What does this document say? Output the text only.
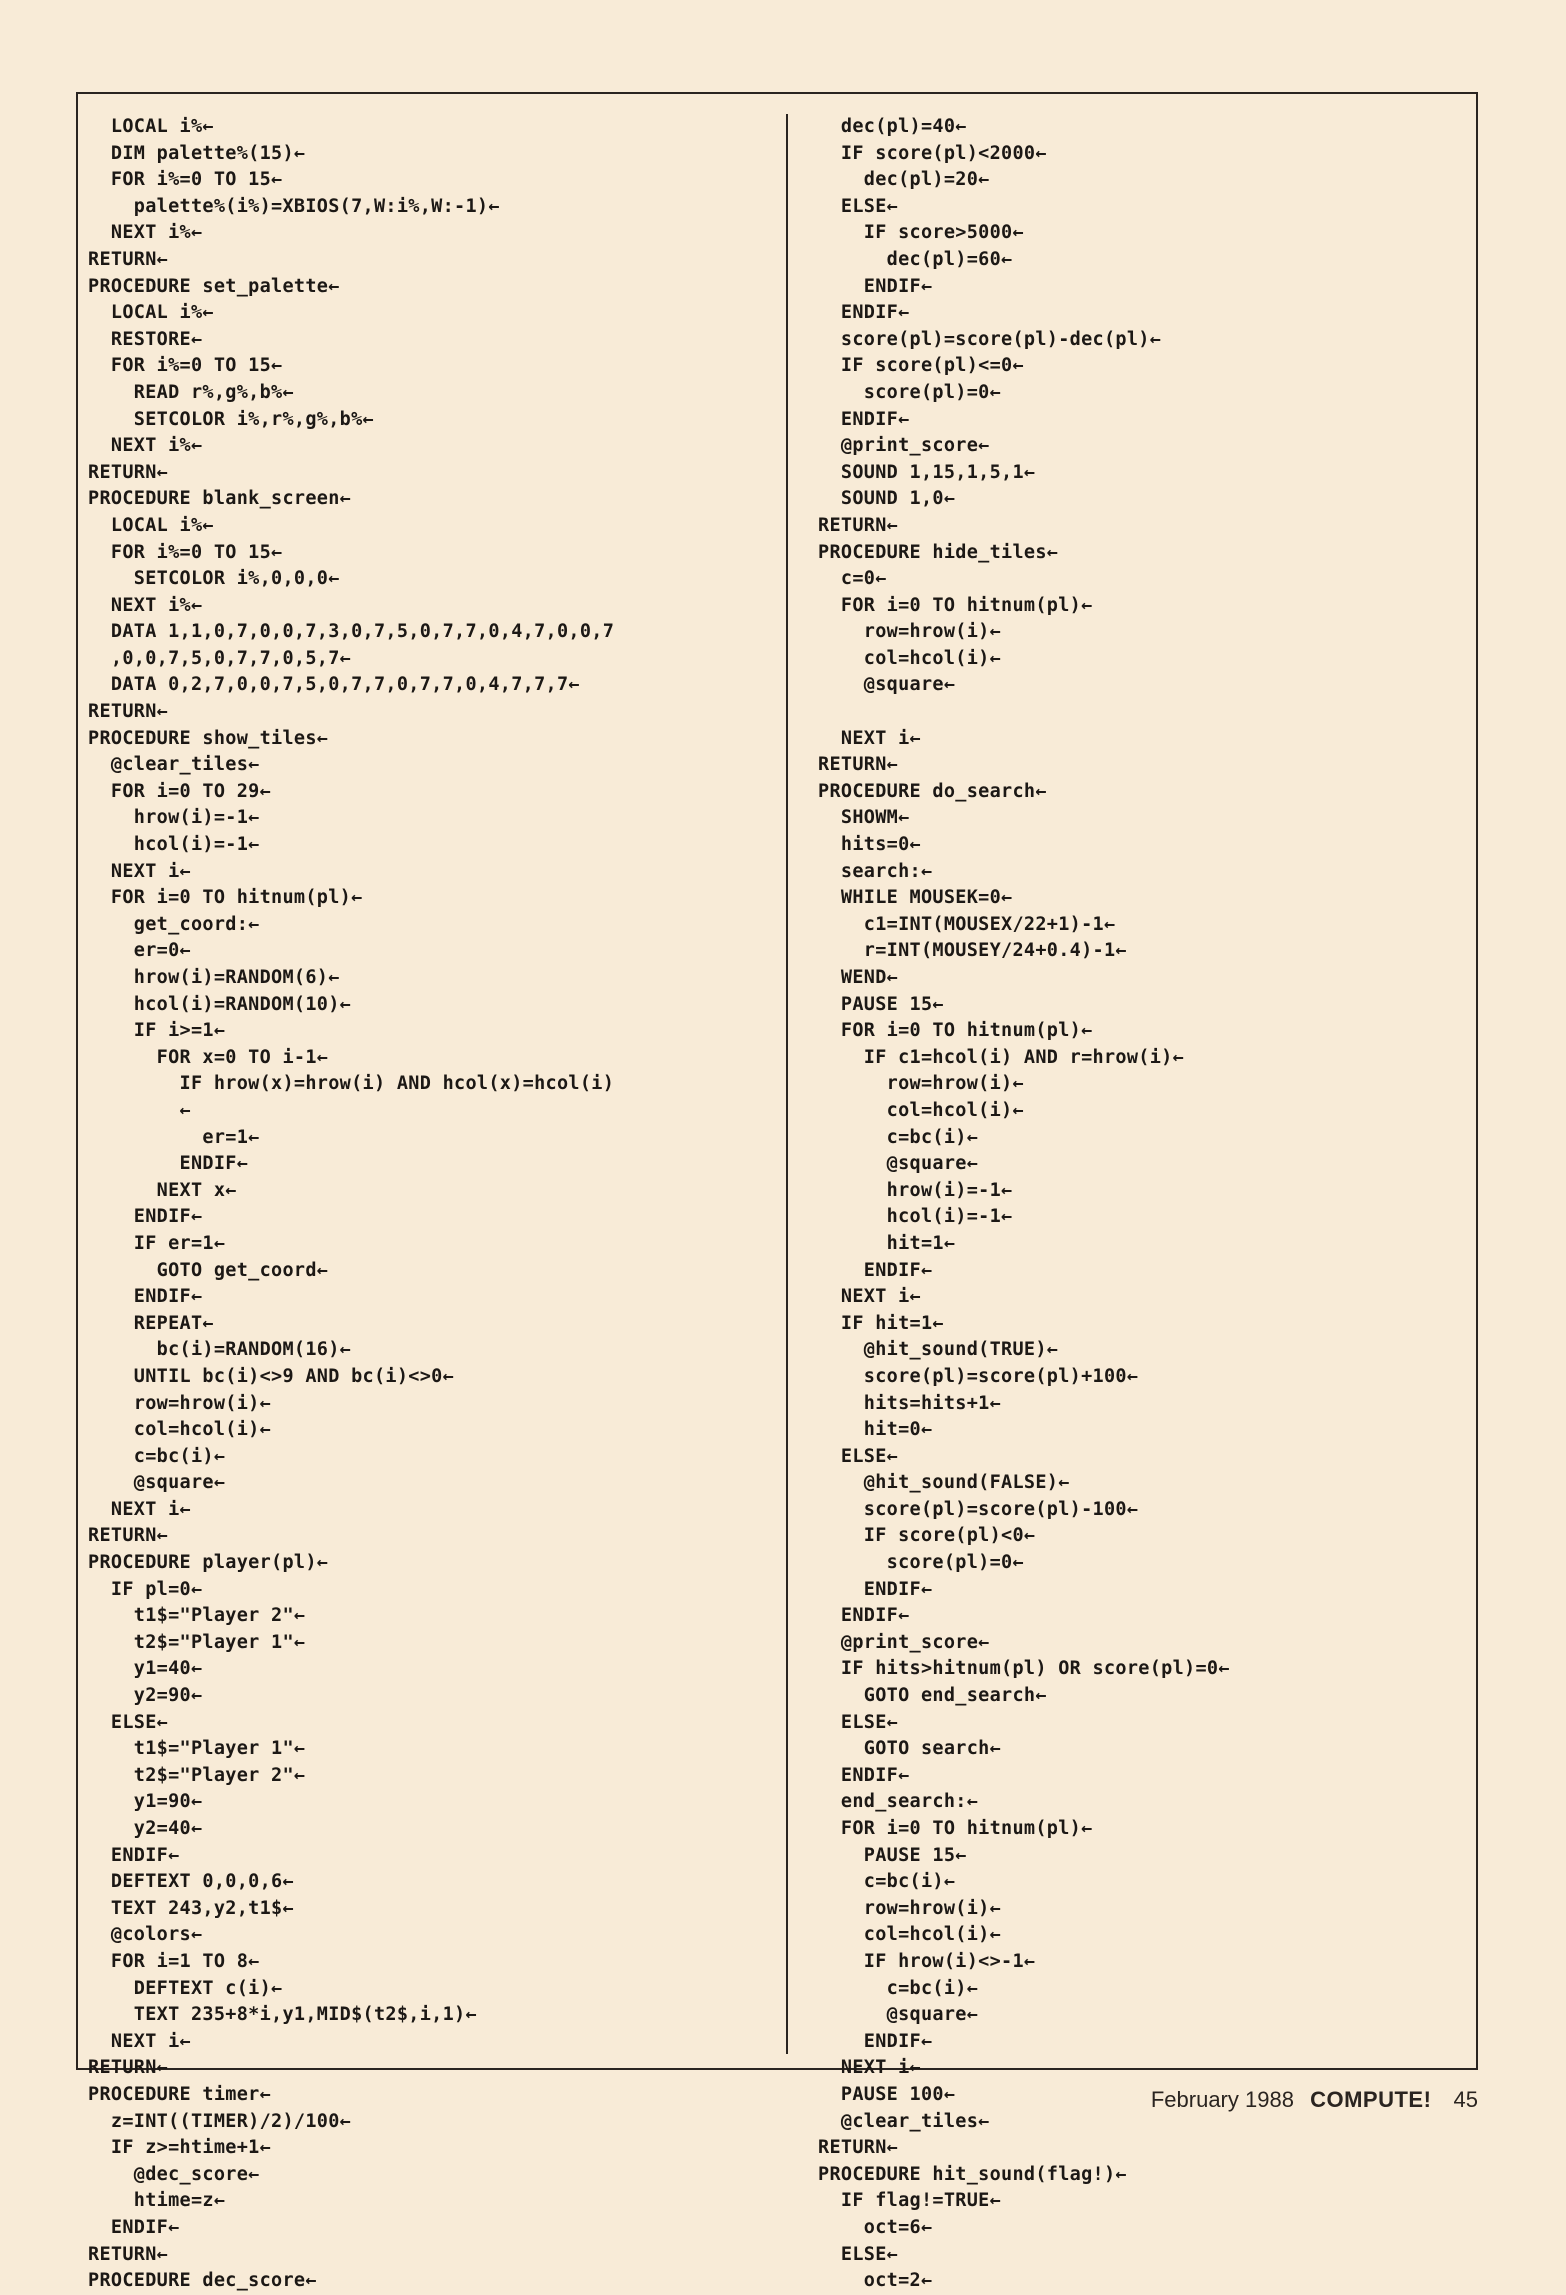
LOCAL i%←
DIM palette%(15)←
FOR i%=0 TO 15←
palette%(i%)=XBIOS(7,W:i%,W:-1)←
NEXT i%←
RETURN←
PROCEDURE set_palette←
LOCAL i%←
RESTORE←
FOR i%=0 TO 15←
READ r%,g%,b%←
SETCOLOR i%,r%,g%,b%←
NEXT i%←
RETURN←
PROCEDURE blank_screen←
LOCAL i%←
FOR i%=0 TO 15←
SETCOLOR i%,0,0,0←
NEXT i%←
DATA 1,1,0,7,0,0,7,3,0,7,5,0,7,7,0,4,7,0,0,7
,0,0,7,5,0,7,7,0,5,7←
DATA 0,2,7,0,0,7,5,0,7,7,0,7,7,0,4,7,7,7←
RETURN←
PROCEDURE show_tiles←
@clear_tiles←
FOR i=0 TO 29←
hrow(i)=-1←
hcol(i)=-1←
NEXT i←
FOR i=0 TO hitnum(pl)←
get_coord:←
er=0←
hrow(i)=RANDOM(6)←
hcol(i)=RANDOM(10)←
IF i>=1←
FOR x=0 TO i-1←
IF hrow(x)=hrow(i) AND hcol(x)=hcol(i)
←
er=1←
ENDIF←
NEXT x←
ENDIF←
IF er=1←
GOTO get_coord←
ENDIF←
REPEAT←
bc(i)=RANDOM(16)←
UNTIL bc(i)<>9 AND bc(i)<>0←
row=hrow(i)←
col=hcol(i)←
c=bc(i)←
@square←
NEXT i←
RETURN←
PROCEDURE player(pl)←
IF pl=0←
t1$="Player 2"←
t2$="Player 1"←
y1=40←
y2=90←
ELSE←
t1$="Player 1"←
t2$="Player 2"←
y1=90←
y2=40←
ENDIF←
DEFTEXT 0,0,0,6←
TEXT 243,y2,t1$←
@colors←
FOR i=1 TO 8←
DEFTEXT c(i)←
TEXT 235+8*i,y1,MID$(t2$,i,1)←
NEXT i←
RETURN←
PROCEDURE timer←
z=INT((TIMER)/2)/100←
IF z>=htime+1←
@dec_score←
htime=z←
ENDIF←
RETURN←
PROCEDURE dec_score←
dec(pl)=40←
IF score(pl)<2000←
dec(pl)=20←
ELSE←
IF score>5000←
dec(pl)=60←
ENDIF←
ENDIF←
score(pl)=score(pl)-dec(pl)←
IF score(pl)<=0←
score(pl)=0←
ENDIF←
@print_score←
SOUND 1,15,1,5,1←
SOUND 1,0←
RETURN←
PROCEDURE hide_tiles←
c=0←
FOR i=0 TO hitnum(pl)←
row=hrow(i)←
col=hcol(i)←
@square←
NEXT i←
RETURN←
PROCEDURE do_search←
SHOWM←
hits=0←
search:←
WHILE MOUSEK=0←
c1=INT(MOUSEX/22+1)-1←
r=INT(MOUSEY/24+0.4)-1←
WEND←
PAUSE 15←
FOR i=0 TO hitnum(pl)←
IF c1=hcol(i) AND r=hrow(i)←
row=hrow(i)←
col=hcol(i)←
c=bc(i)←
@square←
hrow(i)=-1←
hcol(i)=-1←
hit=1←
ENDIF←
NEXT i←
IF hit=1←
@hit_sound(TRUE)←
score(pl)=score(pl)+100←
hits=hits+1←
hit=0←
ELSE←
@hit_sound(FALSE)←
score(pl)=score(pl)-100←
IF score(pl)<0←
score(pl)=0←
ENDIF←
ENDIF←
@print_score←
IF hits>hitnum(pl) OR score(pl)=0←
GOTO end_search←
ELSE←
GOTO search←
ENDIF←
end_search:←
FOR i=0 TO hitnum(pl)←
PAUSE 15←
c=bc(i)←
row=hrow(i)←
col=hcol(i)←
IF hrow(i)<>-1←
c=bc(i)←
@square←
ENDIF←
NEXT i←
PAUSE 100←
@clear_tiles←
RETURN←
PROCEDURE hit_sound(flag!)←
IF flag!=TRUE←
oct=6←
ELSE←
oct=2←
February 1988 COMPUTE! 45
